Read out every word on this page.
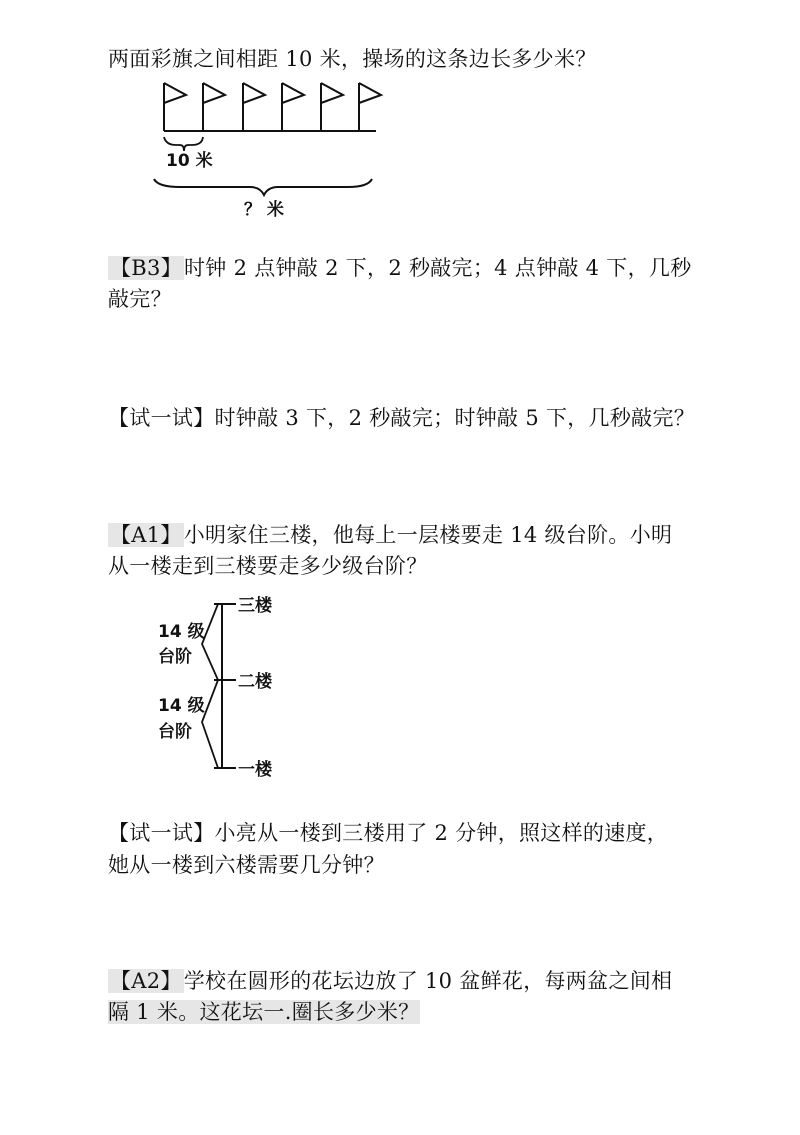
两面彩旗之间相距 10 米，操场的这条边长多少米？
10 米
？ 米
【B3】时钟 2 点钟敲 2 下，2 秒敲完；4 点钟敲 4 下，几秒
敲完？
【试一试】时钟敲 3 下，2 秒敲完；时钟敲 5 下，几秒敲完？
【A1】小明家住三楼，他每上一层楼要走 14 级台阶。小明
从一楼走到三楼要走多少级台阶？
三楼
二楼
一楼
14 级
台阶
14 级
台阶
【试一试】小亮从一楼到三楼用了 2 分钟，照这样的速度，
她从一楼到六楼需要几分钟？
【A2】学校在圆形的花坛边放了 10 盆鲜花，每两盆之间相
隔 1 米。这花坛一.圈长多少米？
